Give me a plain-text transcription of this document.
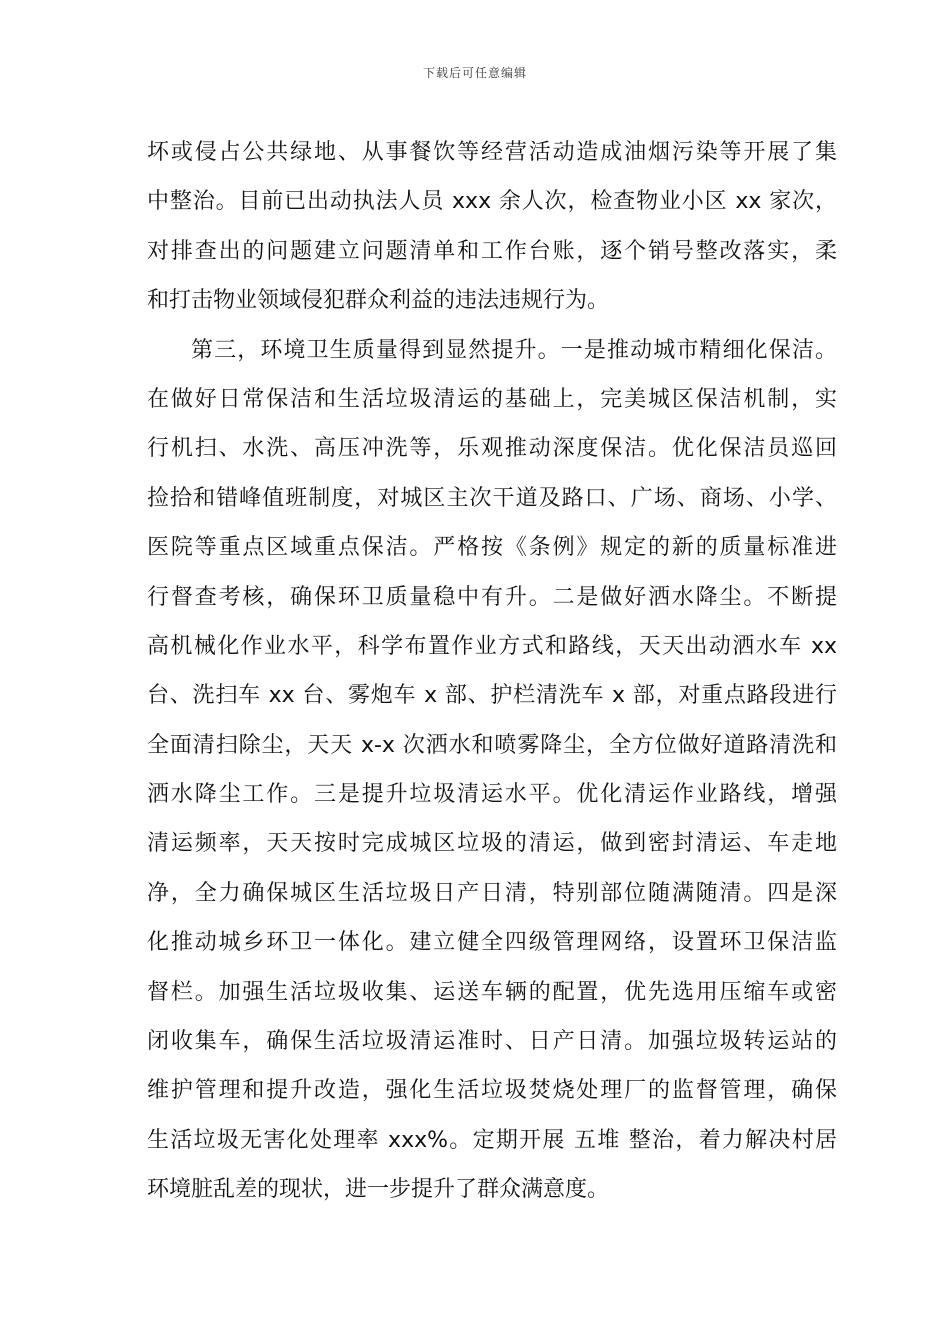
下载后可任意编辑
坏或侵占公共绿地、从事餐饮等经营活动造成油烟污染等开展了集
中整治。目前已出动执法人员 xxx 余人次，检查物业小区 xx 家次，
对排查出的问题建立问题清单和工作台账，逐个销号整改落实，柔
和打击物业领域侵犯群众利益的违法违规行为。
第三，环境卫生质量得到显然提升。一是推动城市精细化保洁。
在做好日常保洁和生活垃圾清运的基础上，完美城区保洁机制，实
行机扫、水洗、高压冲洗等，乐观推动深度保洁。优化保洁员巡回
捡拾和错峰值班制度，对城区主次干道及路口、广场、商场、小学、
医院等重点区域重点保洁。严格按《条例》规定的新的质量标准进
行督查考核，确保环卫质量稳中有升。二是做好洒水降尘。不断提
高机械化作业水平，科学布置作业方式和路线，天天出动洒水车 xx
台、洗扫车 xx 台、雾炮车 x 部、护栏清洗车 x 部，对重点路段进行
全面清扫除尘，天天 x-x 次洒水和喷雾降尘，全方位做好道路清洗和
洒水降尘工作。三是提升垃圾清运水平。优化清运作业路线，增强
清运频率，天天按时完成城区垃圾的清运，做到密封清运、车走地
净，全力确保城区生活垃圾日产日清，特别部位随满随清。四是深
化推动城乡环卫一体化。建立健全四级管理网络，设置环卫保洁监
督栏。加强生活垃圾收集、运送车辆的配置，优先选用压缩车或密
闭收集车，确保生活垃圾清运准时、日产日清。加强垃圾转运站的
维护管理和提升改造，强化生活垃圾焚烧处理厂的监督管理，确保
生活垃圾无害化处理率 xxx%。定期开展 五堆 整治，着力解决村居
环境脏乱差的现状，进一步提升了群众满意度。
